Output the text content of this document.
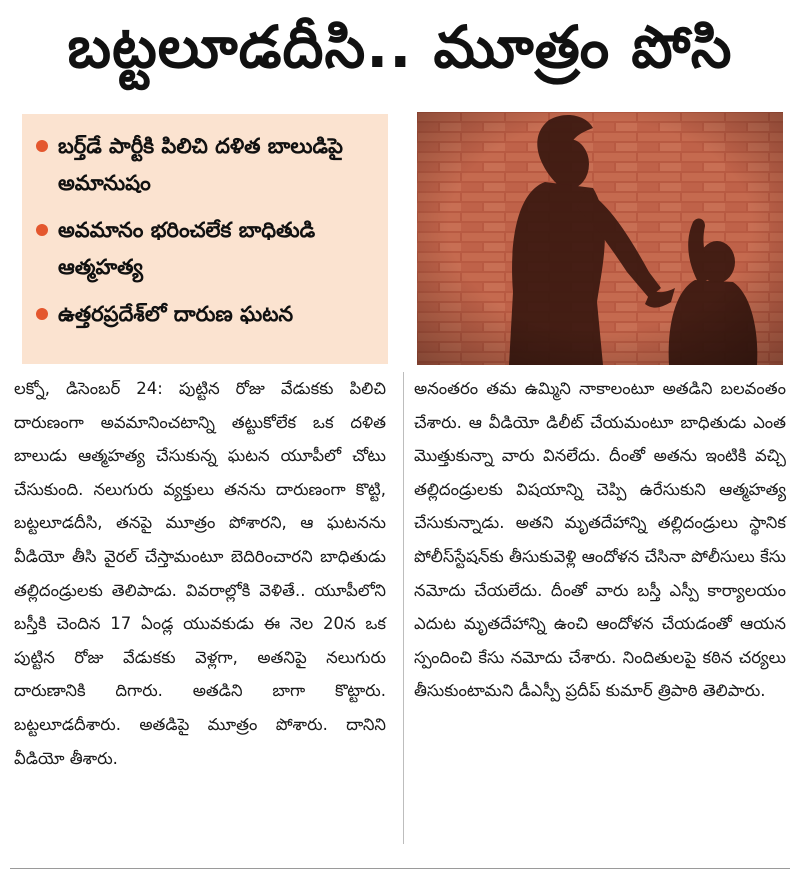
బట్టలూడదీసి.. మూత్రం పోసి
బర్త్‌డే పార్టీకి పిలిచి దళిత బాలుడిపై అమానుషం
అవమానం భరించలేక బాధితుడి ఆత్మహత్య
ఉత్తరప్రదేశ్‌లో దారుణ ఘటన
లక్నో, డిసెంబర్ 24: పుట్టిన రోజు వేడుకకు పిలిచి దారుణంగా అవమానించటాన్ని తట్టుకోలేక ఒక దళిత బాలుడు ఆత్మహత్య చేసుకున్న ఘటన యూపీలో చోటు చేసుకుంది. నలుగురు వ్యక్తులు తనను దారుణంగా కొట్టి, బట్టలూడదీసి, తనపై మూత్రం పోశారని, ఆ ఘటనను వీడియో తీసి వైరల్ చేస్తామంటూ బెదిరించారని బాధితుడు తల్లిదండ్రులకు తెలిపాడు. వివరాల్లోకి వెళితే.. యూపీలోని బస్తీకి చెందిన 17 ఏండ్ల యువకుడు ఈ నెల 20న ఒక పుట్టిన రోజు వేడుకకు వెళ్లగా, అతనిపై నలుగురు దారుణానికి దిగారు. అతడిని బాగా కొట్టారు. బట్టలూడదీశారు. అతడిపై మూత్రం పోశారు. దానిని వీడియో తీశారు.
అనంతరం తమ ఉమ్మిని నాకాలంటూ అతడిని బలవంతం చేశారు. ఆ వీడియో డిలీట్ చేయమంటూ బాధితుడు ఎంత మొత్తుకున్నా వారు వినలేదు. దీంతో అతను ఇంటికి వచ్చి తల్లిదండ్రులకు విషయాన్ని చెప్పి ఉరేసుకుని ఆత్మహత్య చేసుకున్నాడు. అతని మృతదేహాన్ని తల్లిదండ్రులు స్థానిక పోలీస్‌స్టేషన్‌కు తీసుకువెళ్లి ఆందోళన చేసినా పోలీసులు కేసు నమోదు చేయలేదు. దీంతో వారు బస్తీ ఎస్పీ కార్యాలయం ఎదుట మృతదేహాన్ని ఉంచి ఆందోళన చేయడంతో ఆయన స్పందించి కేసు నమోదు చేశారు. నిందితులపై కఠిన చర్యలు తీసుకుంటామని డీఎస్పీ ప్రదీప్ కుమార్ త్రిపాఠి తెలిపారు.
